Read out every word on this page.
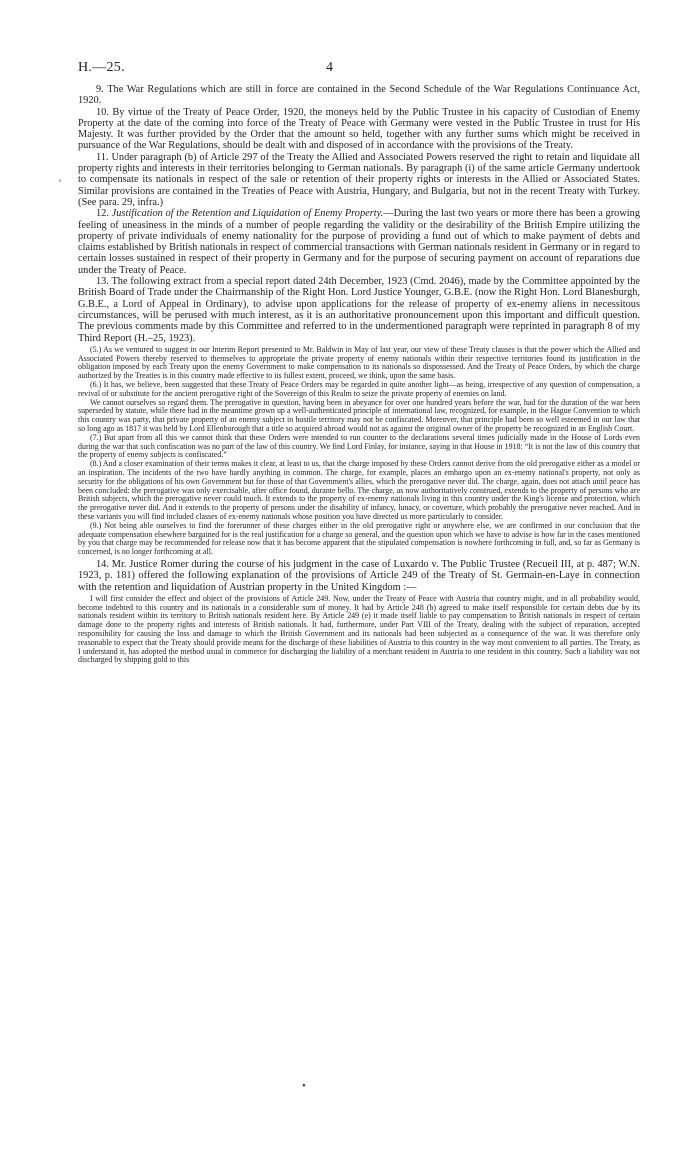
H.—25.	4

9. The War Regulations which are still in force are contained in the Second Schedule of the War Regulations Continuance Act, 1920.

10. By virtue of the Treaty of Peace Order, 1920, the moneys held by the Public Trustee in his capacity of Custodian of Enemy Property at the date of the coming into force of the Treaty of Peace with Germany were vested in the Public Trustee in trust for His Majesty. It was further provided by the Order that the amount so held, together with any further sums which might be received in pursuance of the War Regulations, should be dealt with and disposed of in accordance with the provisions of the Treaty.

11. Under paragraph (b) of Article 297 of the Treaty the Allied and Associated Powers reserved the right to retain and liquidate all property rights and interests in their territories belonging to German nationals. By paragraph (i) of the same article Germany undertook to compensate its nationals in respect of the sale or retention of their property rights or interests in the Allied or Associated States. Similar provisions are contained in the Treaties of Peace with Austria, Hungary, and Bulgaria, but not in the recent Treaty with Turkey. (See para. 29, infra.)

12. Justification of the Retention and Liquidation of Enemy Property.—During the last two years or more there has been a growing feeling of uneasiness in the minds of a number of people regarding the validity or the desirability of the British Empire utilizing the property of private individuals of enemy nationality for the purpose of providing a fund out of which to make payment of debts and claims established by British nationals in respect of commercial transactions with German nationals resident in Germany or in regard to certain losses sustained in respect of their property in Germany and for the purpose of securing payment on account of reparations due under the Treaty of Peace.

13. The following extract from a special report dated 24th December, 1923 (Cmd. 2046), made by the Committee appointed by the British Board of Trade under the Chairmanship of the Right Hon. Lord Justice Younger, G.B.E. (now the Right Hon. Lord Blanesburgh, G.B.E., a Lord of Appeal in Ordinary), to advise upon applications for the release of property of ex-enemy aliens in necessitous circumstances, will be perused with much interest, as it is an authoritative pronouncement upon this important and difficult question. The previous comments made by this Committee and referred to in the undermentioned paragraph were reprinted in paragraph 8 of my Third Report (H.–25, 1923).

(5.) As we ventured to suggest in our Interim Report presented to Mr. Baldwin in May of last year, our view of these Treaty clauses is that the power which the Allied and Associated Powers thereby reserved to themselves to appropriate the private property of enemy nationals within their respective territories found its justification in the obligation imposed by each Treaty upon the enemy Government to make compensation to its nationals so dispossessed. And the Treaty of Peace Orders, by which the charge authorized by the Treaties is in this country made effective to its fullest extent, proceed, we think, upon the same basis.

(6.) It has, we believe, been suggested that these Treaty of Peace Orders may be regarded in quite another light—as being, irrespective of any question of compensation, a revival of or substitute for the ancient prerogative right of the Sovereign of this Realm to seize the private property of enemies on land.

We cannot ourselves so regard them. The prerogative in question, having been in abeyance for over one hundred years before the war, had for the duration of the war been superseded by statute, while there had in the meantime grown up a well-authenticated principle of international law, recognized, for example, in the Hague Convention to which this country was party, that private property of an enemy subject in hostile territory may not be confiscated. Moreover, that principle had been so well esteemed in our law that so long ago as 1817 it was held by Lord Ellenborough that a title so acquired abroad would not as against the original owner of the property be recognized in an English Court.

(7.) But apart from all this we cannot think that these Orders were intended to run counter to the declarations several times judicially made in the House of Lords even during the war that such confiscation was no part of the law of this country. We find Lord Finlay, for instance, saying in that House in 1918: “It is not the law of this country that the property of enemy subjects is confiscated.”

(8.) And a closer examination of their terms makes it clear, at least to us, that the charge imposed by these Orders cannot derive from the old prerogative either as a model or an inspiration. The incidents of the two have hardly anything in common. The charge, for example, places an embargo upon an ex-enemy national's property, not only as security for the obligations of his own Government but for those of that Government's allies, which the prerogative never did. The charge, again, does not attach until peace has been concluded: the prerogative was only exercisable, after office found, durante bello. The charge, as now authoritatively construed, extends to the property of persons who are British subjects, which the prerogative never could touch. It extends to the property of ex-enemy nationals living in this country under the King's license and protection, which the prerogative never did. And it extends to the property of persons under the disability of infancy, lunacy, or coverture, which probably the prerogative never reached. And in these variants you will find included classes of ex-enemy nationals whose position you have directed us more particularly to consider.

(9.) Not being able ourselves to find the forerunner of these charges either in the old prerogative right or anywhere else, we are confirmed in our conclusion that the adequate compensation elsewhere bargained for is the real justification for a charge so general, and the question upon which we have to advise is how far in the cases mentioned by you that charge may be recommended for release now that it has become apparent that the stipulated compensation is nowhere forthcoming in full, and, so far as Germany is concerned, is no longer forthcoming at all.

14. Mr. Justice Romer during the course of his judgment in the case of Luxardo v. The Public Trustee (Recueil III, at p. 487; W.N. 1923, p. 181) offered the following explanation of the provisions of Article 249 of the Treaty of St. Germain-en-Laye in connection with the retention and liquidation of Austrian property in the United Kingdom :—

I will first consider the effect and object of the provisions of Article 249. Now, under the Treaty of Peace with Austria that country might, and in all probability would, become indebted to this country and its nationals in a considerable sum of money. It had by Article 248 (b) agreed to make itself responsible for certain debts due by its nationals resident within its territory to British nationals resident here. By Article 249 (e) it made itself liable to pay compensation to British nationals in respect of certain damage done to the property rights and interests of British nationals. It had, furthermore, under Part VIII of the Treaty, dealing with the subject of reparation, accepted responsibility for causing the loss and damage to which the British Government and its nationals had been subjected as a consequence of the war. It was therefore only reasonable to expect that the Treaty should provide means for the discharge of these liabilities of Austria to this country in the way most convenient to all parties. The Treaty, as I understand it, has adopted the method usual in commerce for discharging the liability of a merchant resident in Austria to one resident in this country. Such a liability was not discharged by shipping gold to this

'
•
